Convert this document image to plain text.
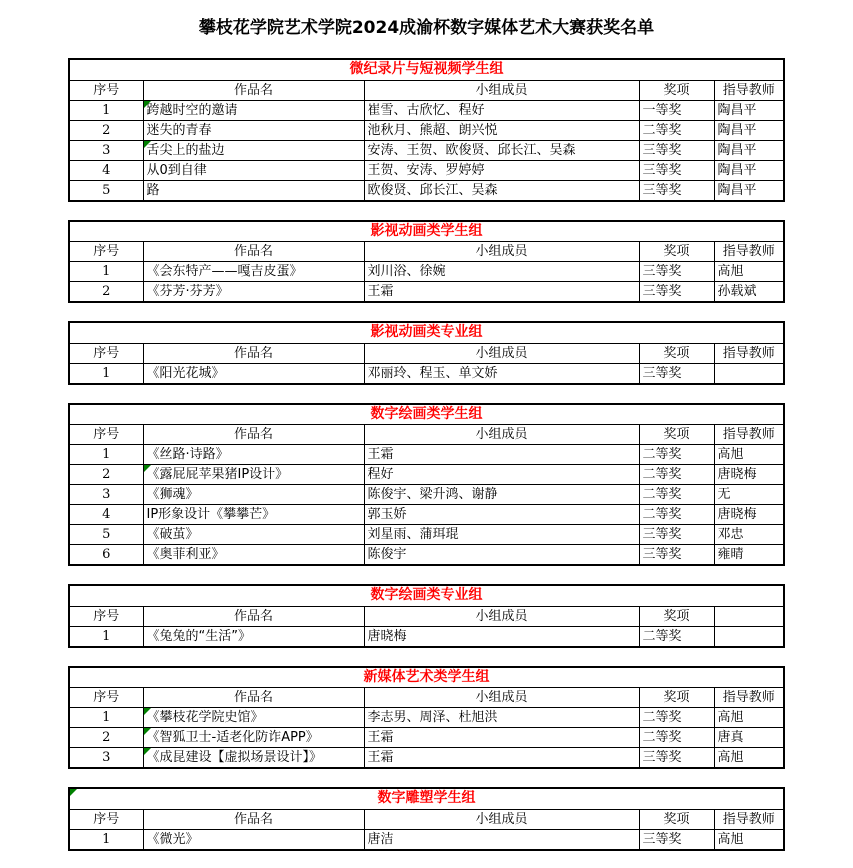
攀枝花学院艺术学院2024成渝杯数字媒体艺术大赛获奖名单
微纪录片与短视频学生组				
序号	作品名	小组成员	奖项	指导教师
1	跨越时空的邀请	崔雪、古欣忆、程好	一等奖	陶昌平
2	迷失的青春	池秋月、熊超、朗兴悦	二等奖	陶昌平
3	舌尖上的盐边	安涛、王贺、欧俊贤、邱长江、吴森	三等奖	陶昌平
4	从0到自律	王贺、安涛、罗婷婷	三等奖	陶昌平
5	路	欧俊贤、邱长江、吴森	三等奖	陶昌平
影视动画类学生组				
序号	作品名	小组成员	奖项	指导教师
1	《会东特产——嘎吉皮蛋》	刘川浴、徐婉	三等奖	高旭
2	《芬芳·芬芳》	王霜	三等奖	孙载斌
影视动画类专业组				
序号	作品名	小组成员	奖项	指导教师
1	《阳光花城》	邓丽玲、程玉、单文娇	三等奖	
数字绘画类学生组				
序号	作品名	小组成员	奖项	指导教师
1	《丝路·诗路》	王霜	二等奖	高旭
2	《露屁屁苹果猪IP设计》	程好	二等奖	唐晓梅
3	《狮魂》	陈俊宇、梁升鸿、谢静	二等奖	无
4	IP形象设计《攀攀芒》	郭玉娇	二等奖	唐晓梅
5	《破茧》	刘星雨、蒲珥琨	三等奖	邓忠
6	《奥菲利亚》	陈俊宇	三等奖	雍晴
数字绘画类专业组				
序号	作品名	小组成员	奖项	
1	《兔兔的“生活”》	唐晓梅	二等奖	
新媒体艺术类学生组				
序号	作品名	小组成员	奖项	指导教师
1	《攀枝花学院史馆》	李志男、周泽、杜旭洪	二等奖	高旭
2	《智狐卫士-适老化防诈APP》	王霜	二等奖	唐真
3	《成昆建设【虚拟场景设计】》	王霜	三等奖	高旭
数字雕塑学生组				
序号	作品名	小组成员	奖项	指导教师
1	《微光》	唐洁	三等奖	高旭
